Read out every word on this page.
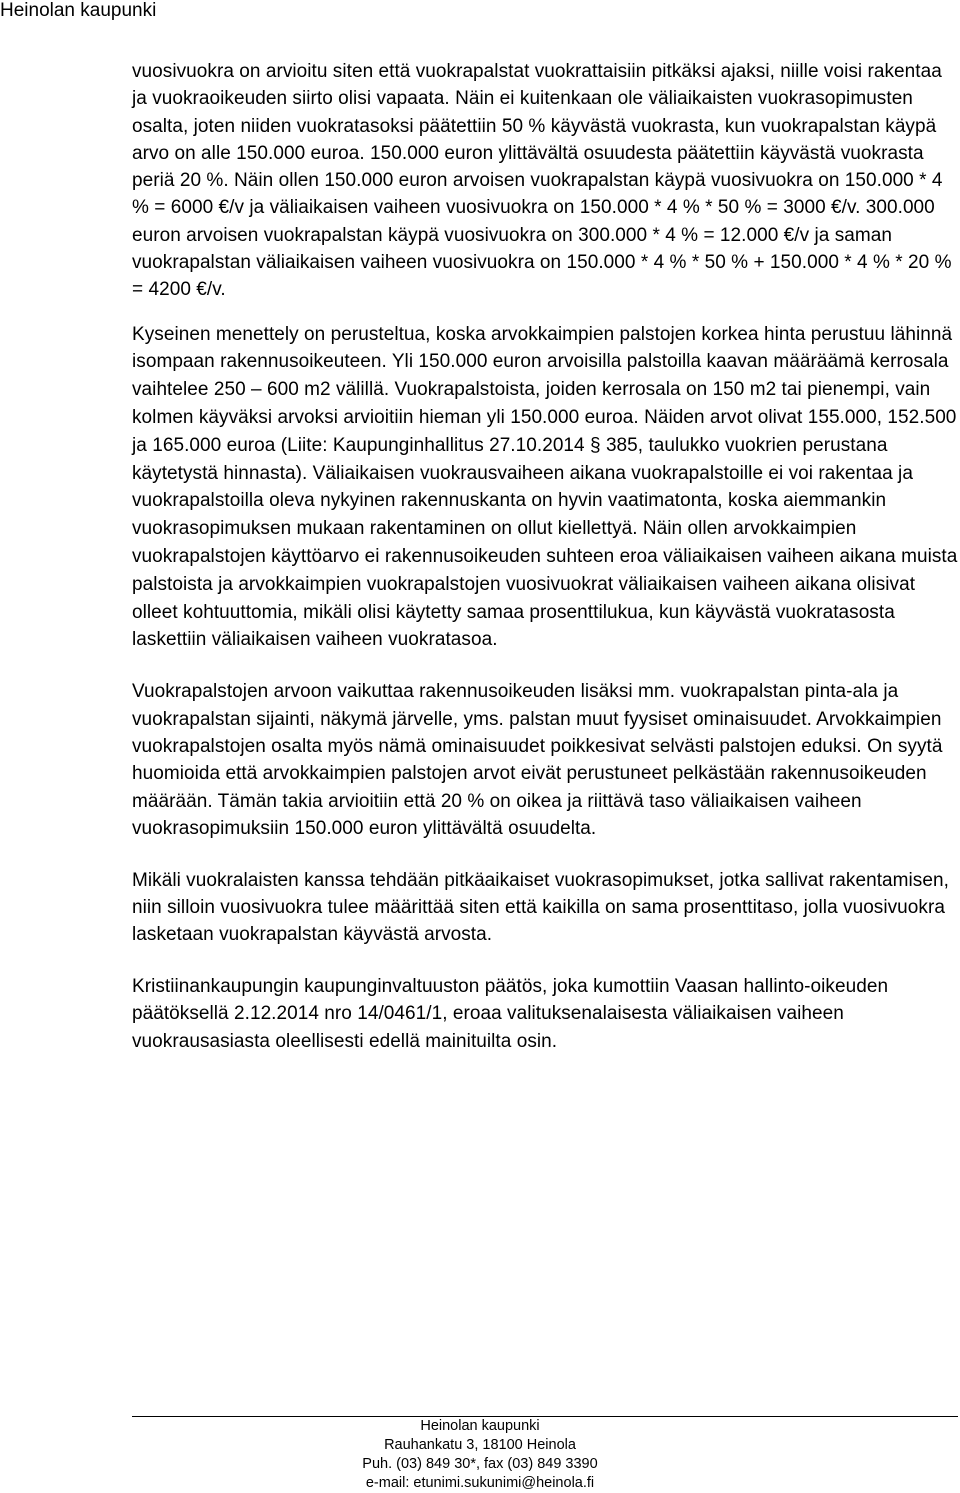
Heinolan kaupunki

vuosivuokra on arvioitu siten että vuokrapalstat vuokrattaisiin pitkäksi ajaksi, niille voisi rakentaa ja vuokraoikeuden siirto olisi vapaata. Näin ei kuitenkaan ole väliaikaisten vuokrasopimusten osalta, joten niiden vuokratasoksi päätettiin 50 % käyvästä vuokrasta, kun vuokrapalstan käypä arvo on alle 150.000 euroa. 150.000 euron ylittävältä osuudesta päätettiin käyvästä vuokrasta periä 20 %. Näin ollen 150.000 euron arvoisen vuokrapalstan käypä vuosivuokra on 150.000 * 4 % = 6000 €/v ja väliaikaisen vaiheen vuosivuokra on 150.000 * 4 % * 50 % = 3000 €/v. 300.000 euron arvoisen vuokrapalstan käypä vuosivuokra on 300.000 * 4 % = 12.000 €/v ja saman vuokrapalstan väliaikaisen vaiheen vuosivuokra on 150.000 * 4 % * 50 % + 150.000 * 4 % * 20 % = 4200 €/v.

Kyseinen menettely on perusteltua, koska arvokkaimpien palstojen korkea hinta perustuu lähinnä isompaan rakennusoikeuteen. Yli 150.000 euron arvoisilla palstoilla kaavan määräämä kerrosala vaihtelee 250 – 600 m2 välillä. Vuokrapalstoista, joiden kerrosala on 150 m2 tai pienempi, vain kolmen käyväksi arvoksi arvioitiin hieman yli 150.000 euroa. Näiden arvot olivat 155.000, 152.500 ja 165.000 euroa (Liite: Kaupunginhallitus 27.10.2014 § 385, taulukko vuokrien perustana käytetystä hinnasta). Väliaikaisen vuokrausvaiheen aikana vuokrapalstoille ei voi rakentaa ja vuokrapalstoilla oleva nykyinen rakennuskanta on hyvin vaatimatonta, koska aiemmankin vuokrasopimuksen mukaan rakentaminen on ollut kiellettyä. Näin ollen arvokkaimpien vuokrapalstojen käyttöarvo ei rakennusoikeuden suhteen eroa väliaikaisen vaiheen aikana muista palstoista ja arvokkaimpien vuokrapalstojen vuosivuokrat väliaikaisen vaiheen aikana olisivat olleet kohtuuttomia, mikäli olisi käytetty samaa prosenttilukua, kun käyvästä vuokratasosta laskettiin väliaikaisen vaiheen vuokratasoa.

Vuokrapalstojen arvoon vaikuttaa rakennusoikeuden lisäksi mm. vuokrapalstan pinta-ala ja vuokrapalstan sijainti, näkymä järvelle, yms. palstan muut fyysiset ominaisuudet. Arvokkaimpien vuokrapalstojen osalta myös nämä ominaisuudet poikkesivat selvästi palstojen eduksi. On syytä huomioida että arvokkaimpien palstojen arvot eivät perustuneet pelkästään rakennusoikeuden määrään. Tämän takia arvioitiin että 20 % on oikea ja riittävä taso väliaikaisen vaiheen vuokrasopimuksiin 150.000 euron ylittävältä osuudelta.

Mikäli vuokralaisten kanssa tehdään pitkäaikaiset vuokrasopimukset, jotka sallivat rakentamisen, niin silloin vuosivuokra tulee määrittää siten että kaikilla on sama prosenttitaso, jolla vuosivuokra lasketaan vuokrapalstan käyvästä arvosta.

Kristiinankaupungin kaupunginvaltuuston päätös, joka kumottiin Vaasan hallinto-oikeuden päätöksellä 2.12.2014 nro 14/0461/1, eroaa valituksenalaisesta väliaikaisen vaiheen vuokrausasiasta oleellisesti edellä mainituilta osin.

Heinolan kaupunki
Rauhankatu 3, 18100 Heinola
Puh. (03) 849 30*, fax (03) 849 3390
e-mail: etunimi.sukunimi@heinola.fi
